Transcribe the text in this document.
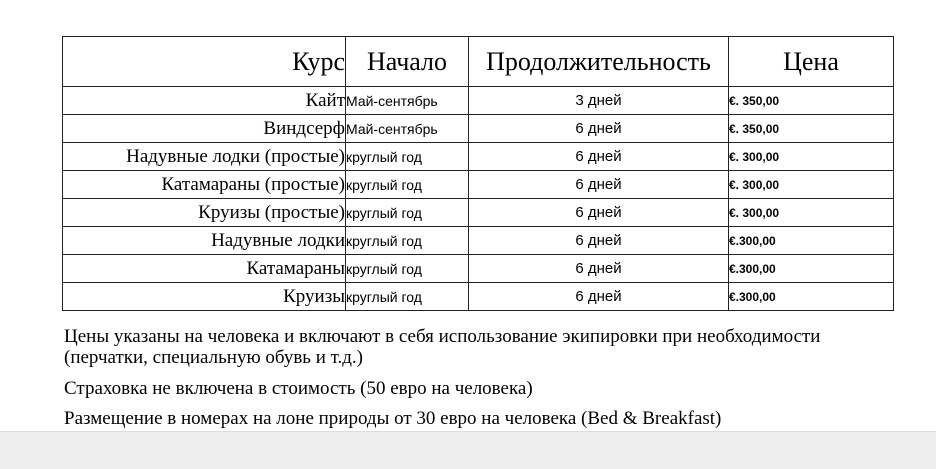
Курс	Начало	Продолжительность	Цена
Кайт	Май-сентябрь	3 дней	€. 350,00
Виндсерф	Май-сентябрь	6 дней	€. 350,00
Надувные лодки (простые)	круглый год	6 дней	€. 300,00
Катамараны (простые)	круглый год	6 дней	€. 300,00
Круизы (простые)	круглый год	6 дней	€. 300,00
Надувные лодки	круглый год	6 дней	€.300,00
Катамараны	круглый год	6 дней	€.300,00
Круизы	круглый год	6 дней	€.300,00

Цены указаны на человека и включают в себя использование экипировки при необходимости (перчатки, специальную обувь и т.д.)

Страховка не включена в стоимость (50 евро на человека)

Размещение в номерах на лоне природы от 30 евро на человека (Bed & Breakfast)
